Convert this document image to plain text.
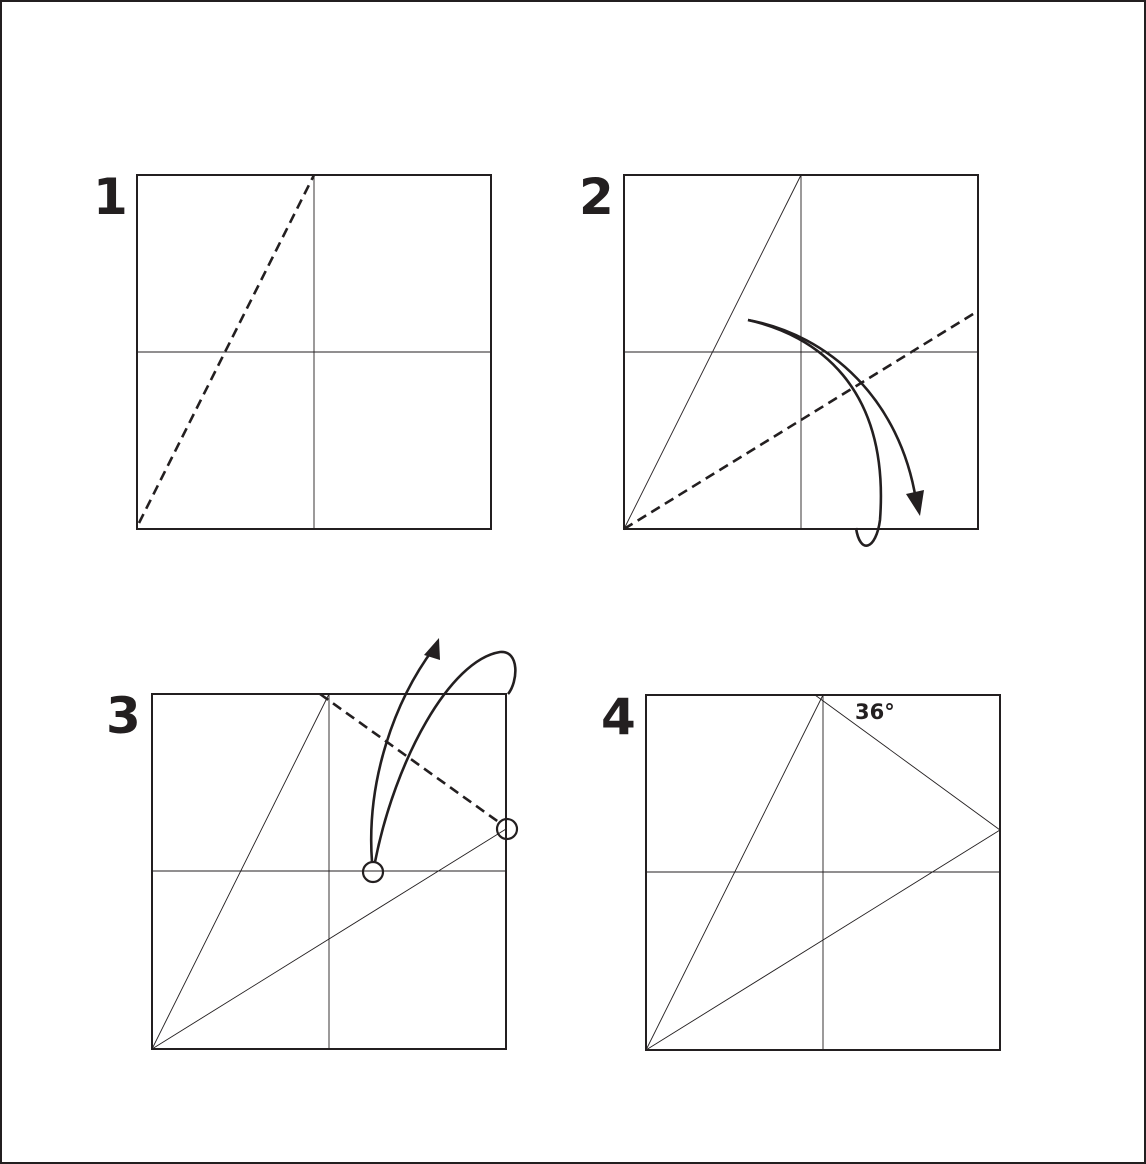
1	2
3	4	36°
